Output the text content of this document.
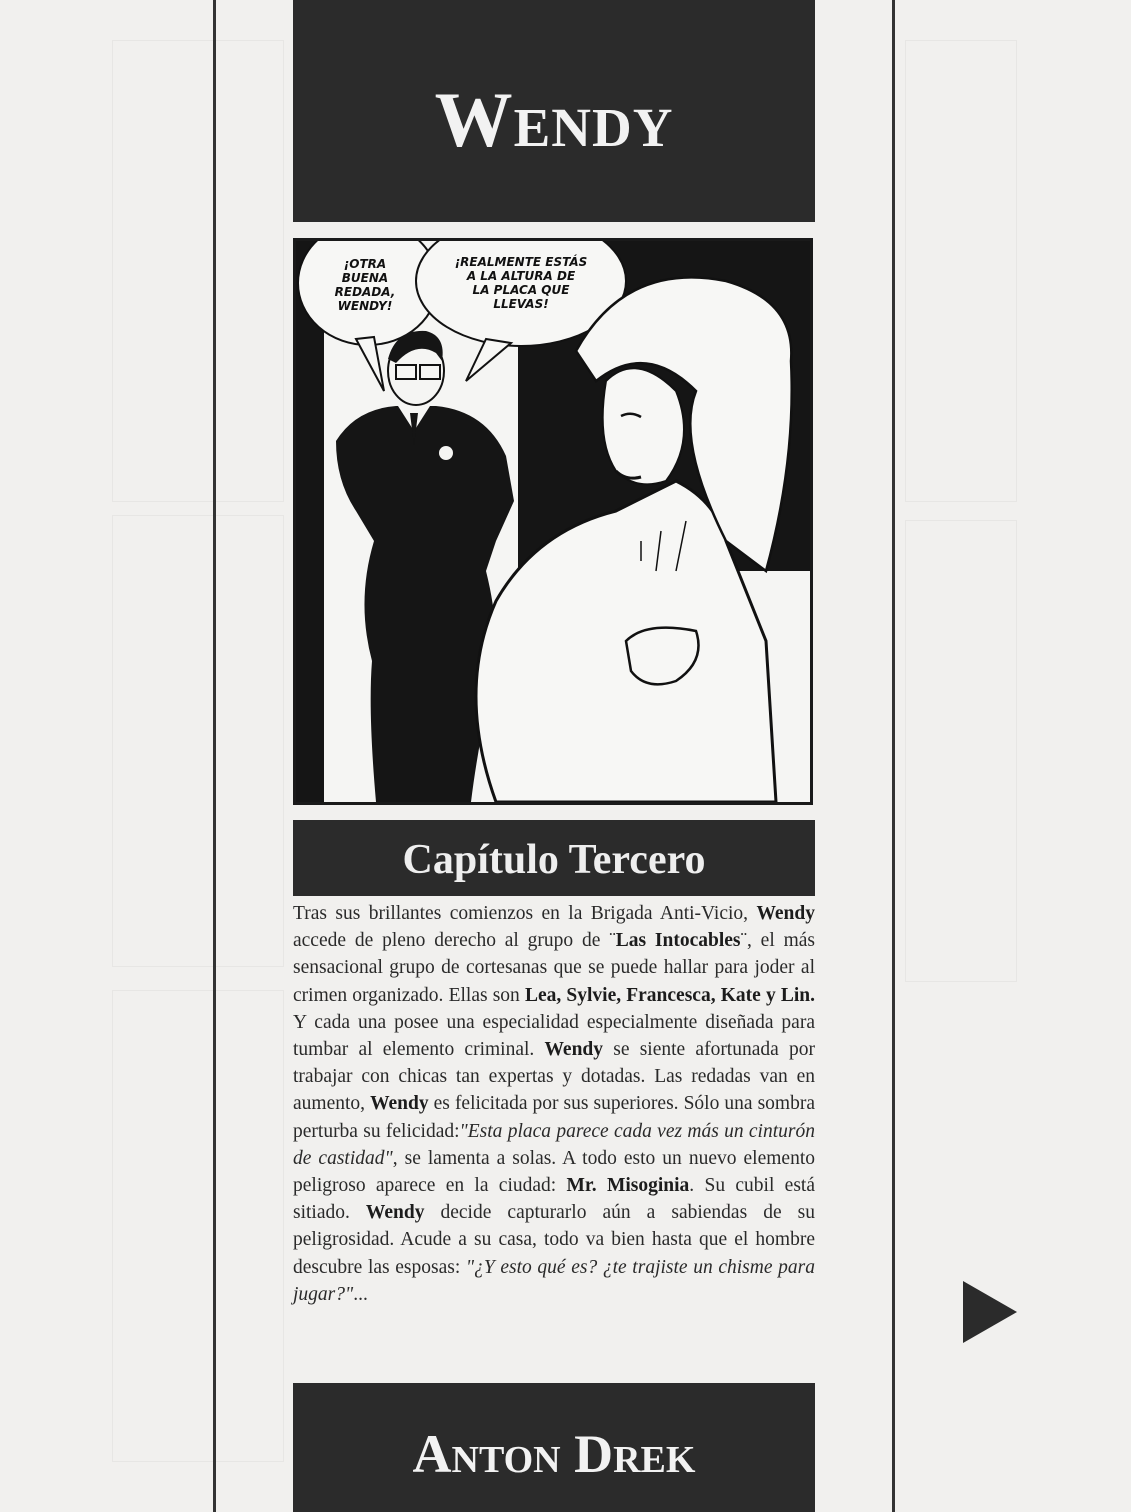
Wendy
¡OTRA
BUENA
REDADA,
WENDY!
¡REALMENTE ESTÁS
A LA ALTURA DE
LA PLACA QUE
LLEVAS!
Capítulo Tercero
Tras sus brillantes comienzos en la Brigada Anti-Vicio, Wendy accede de pleno derecho al grupo de ¨Las Intocables¨, el más sensacional grupo de cortesanas que se puede hallar para joder al crimen organizado. Ellas son Lea, Sylvie, Francesca, Kate y Lin. Y cada una posee una especialidad especialmente diseñada para tumbar al elemento criminal. Wendy se siente afortunada por trabajar con chicas tan expertas y dotadas. Las redadas van en aumento, Wendy es felicitada por sus superiores. Sólo una sombra perturba su felicidad:"Esta placa parece cada vez más un cinturón de castidad", se lamenta a solas. A todo esto un nuevo elemento peligroso aparece en la ciudad: Mr. Misoginia. Su cubil está sitiado. Wendy decide capturarlo aún a sabiendas de su peligrosidad. Acude a su casa, todo va bien hasta que el hombre descubre las esposas: "¿Y esto qué es? ¿te trajiste un chisme para jugar?"...
Anton Drek
